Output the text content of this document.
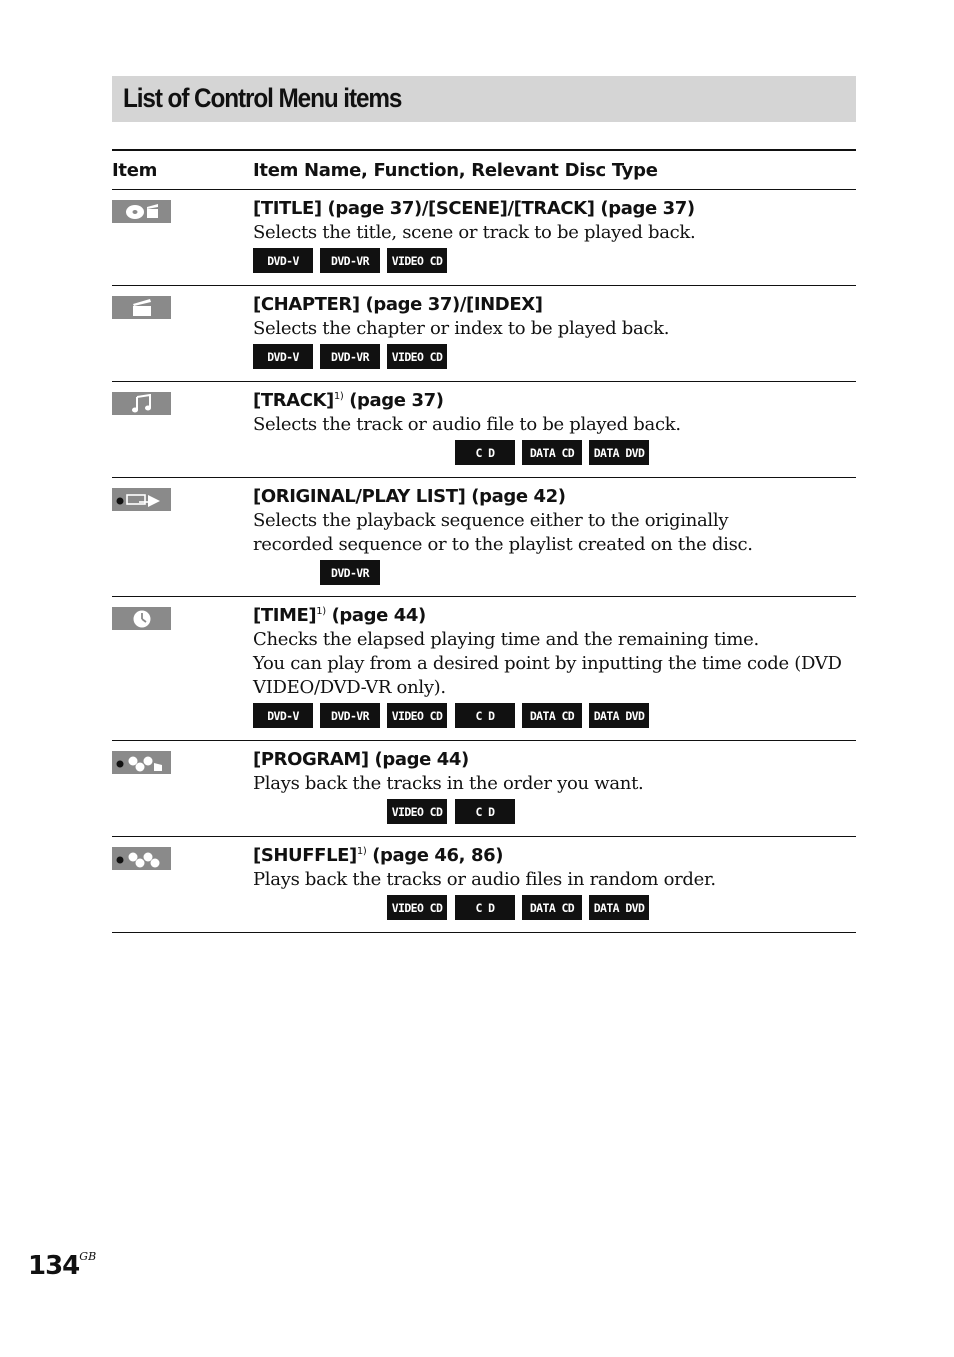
List of Control Menu items
Item	Item Name, Function, Relevant Disc Type
[TITLE] (page 37)/[SCENE]/[TRACK] (page 37)
Selects the title, scene or track to be played back.
DVD-V	DVD-VR	VIDEO CD
[CHAPTER] (page 37)/[INDEX]
Selects the chapter or index to be played back.
DVD-V	DVD-VR	VIDEO CD
[TRACK]$^{1)}$ (page 37)
Selects the track or audio file to be played back.
C D	DATA CD	DATA DVD
[ORIGINAL/PLAY LIST] (page 42)
Selects the playback sequence either to the originally recorded sequence or to the playlist created on the disc.
DVD-VR
[TIME]$^{1)}$ (page 44)
Checks the elapsed playing time and the remaining time.
You can play from a desired point by inputting the time code (DVD VIDEO/DVD-VR only).
DVD-V	DVD-VR	VIDEO CD	C D	DATA CD	DATA DVD
[PROGRAM] (page 44)
Plays back the tracks in the order you want.
VIDEO CD	C D
[SHUFFLE]$^{1)}$ (page 46, 86)
Plays back the tracks or audio files in random order.
VIDEO CD	C D	DATA CD	DATA DVD
$134^{GB}$
